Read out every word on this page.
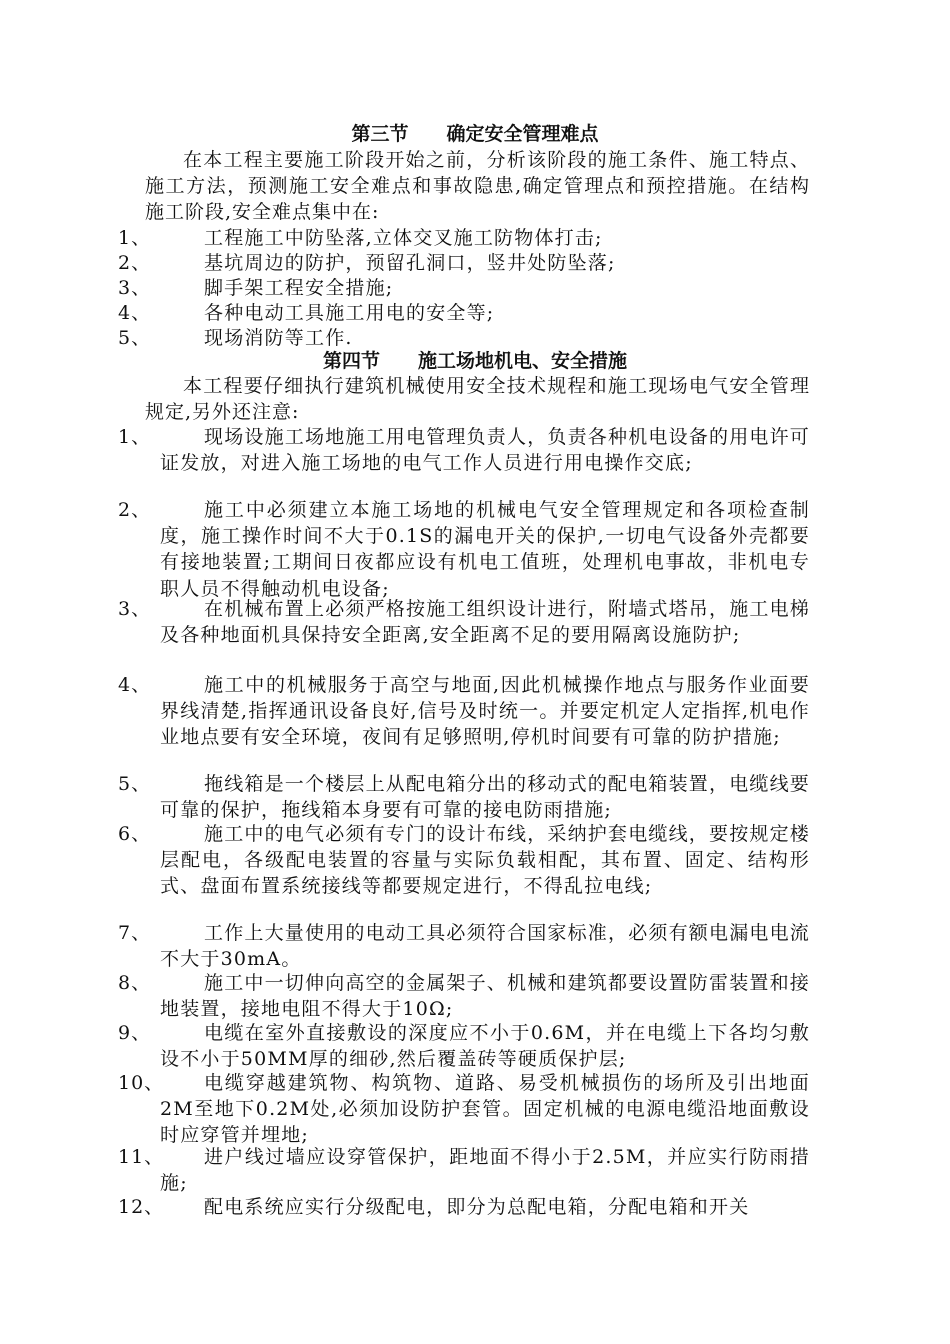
第三节　　确定安全管理难点

在本工程主要施工阶段开始之前，分析该阶段的施工条件、施工特点、施工方法，预测施工安全难点和事故隐患,确定管理点和预控措施。在结构施工阶段,安全难点集中在:

1、	工程施工中防坠落,立体交叉施工防物体打击;

2、	基坑周边的防护，预留孔洞口，竖井处防坠落;

3、	脚手架工程安全措施;

4、	各种电动工具施工用电的安全等;

5、	现场消防等工作.

第四节　　施工场地机电、安全措施

本工程要仔细执行建筑机械使用安全技术规程和施工现场电气安全管理规定,另外还注意:

1、	现场设施工场地施工用电管理负责人，负责各种机电设备的用电许可证发放，对进入施工场地的电气工作人员进行用电操作交底;

2、	施工中必须建立本施工场地的机械电气安全管理规定和各项检查制度，施工操作时间不大于0.1S的漏电开关的保护,一切电气设备外壳都要有接地装置;工期间日夜都应设有机电工值班，处理机电事故，非机电专职人员不得触动机电设备;

3、	在机械布置上必须严格按施工组织设计进行，附墙式塔吊，施工电梯及各种地面机具保持安全距离,安全距离不足的要用隔离设施防护;

4、	施工中的机械服务于高空与地面,因此机械操作地点与服务作业面要界线清楚,指挥通讯设备良好,信号及时统一。并要定机定人定指挥,机电作业地点要有安全环境，夜间有足够照明,停机时间要有可靠的防护措施;

5、	拖线箱是一个楼层上从配电箱分出的移动式的配电箱装置，电缆线要可靠的保护，拖线箱本身要有可靠的接电防雨措施;

6、	施工中的电气必须有专门的设计布线，采纳护套电缆线，要按规定楼层配电，各级配电装置的容量与实际负载相配，其布置、固定、结构形式、盘面布置系统接线等都要规定进行，不得乱拉电线;

7、	工作上大量使用的电动工具必须符合国家标准，必须有额电漏电电流不大于30mA。

8、	施工中一切伸向高空的金属架子、机械和建筑都要设置防雷装置和接地装置，接地电阻不得大于10Ω;

9、	电缆在室外直接敷设的深度应不小于0.6M，并在电缆上下各均匀敷设不小于50MM厚的细砂,然后覆盖砖等硬质保护层;

10、	电缆穿越建筑物、构筑物、道路、易受机械损伤的场所及引出地面2M至地下0.2M处,必须加设防护套管。固定机械的电源电缆沿地面敷设时应穿管并埋地;

11、	进户线过墙应设穿管保护，距地面不得小于2.5M，并应实行防雨措施;

12、	配电系统应实行分级配电，即分为总配电箱，分配电箱和开关
